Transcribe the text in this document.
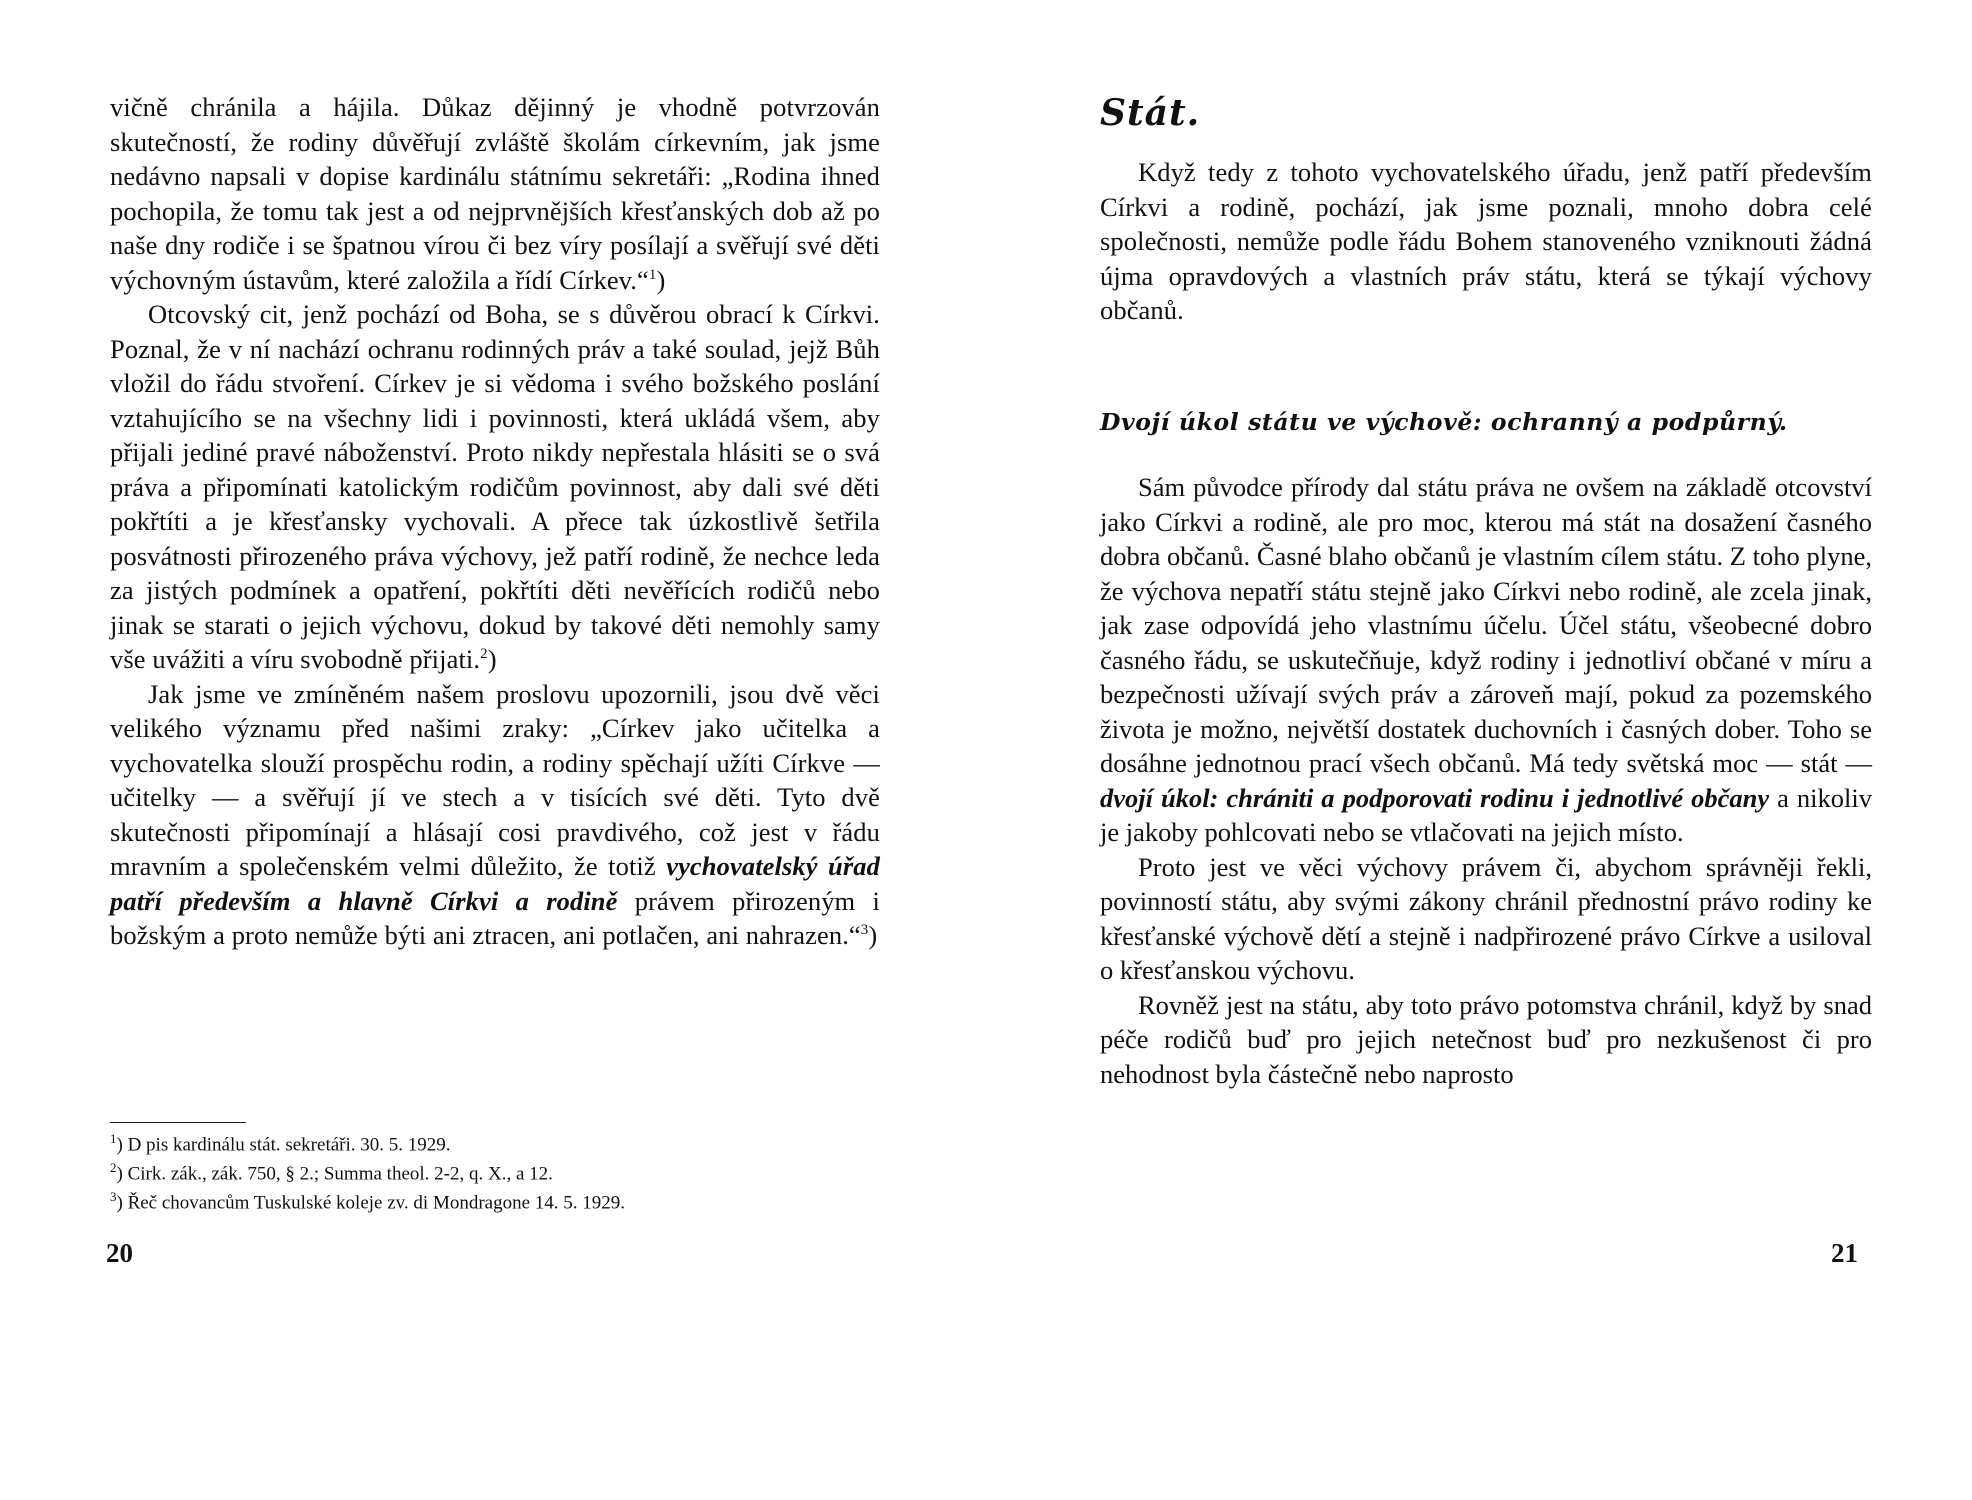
vičně chránila a hájila. Důkaz dějinný je vhodně potvrzován skutečností, že rodiny důvěřují zvláště školám církevním, jak jsme nedávno napsali v dopise kardinálu státnímu sekretáři: „Rodina ihned pochopila, že tomu tak jest a od nejprvnějších křesťanských dob až po naše dny rodiče i se špatnou vírou či bez víry posílají a svěřují své děti výchovným ústavům, které založila a řídí Církev.“$^1$)

Otcovský cit, jenž pochází od Boha, se s důvěrou obrací k Církvi. Poznal, že v ní nachází ochranu rodinných práv a také soulad, jejž Bůh vložil do řádu stvoření. Církev je si vědoma i svého božského poslání vztahujícího se na všechny lidi i povinnosti, která ukládá všem, aby přijali jediné pravé náboženství. Proto nikdy nepřestala hlásiti se o svá práva a připomínati katolickým rodičům povinnost, aby dali své děti pokřtíti a je křesťansky vychovali. A přece tak úzkostlivě šetřila posvátnosti přirozeného práva výchovy, jež patří rodině, že nechce leda za jistých podmínek a opatření, pokřtíti děti nevěřících rodičů nebo jinak se starati o jejich výchovu, dokud by takové děti nemohly samy vše uvážiti a víru svobodně přijati.$^2$)

Jak jsme ve zmíněném našem proslovu upozornili, jsou dvě věci velikého významu před našimi zraky: „Církev jako učitelka a vychovatelka slouží prospěchu rodin, a rodiny spěchají užíti Církve — učitelky — a svěřují jí ve stech a v tisících své děti. Tyto dvě skutečnosti připomínají a hlásají cosi pravdivého, což jest v řádu mravním a společenském velmi důležito, že totiž vychovatelský úřad patří především a hlavně Církvi a rodině právem přirozeným i božským a proto nemůže býti ani ztracen, ani potlačen, ani nahrazen.“$^3$)

$^1$) D pis kardinálu stát. sekretáři. 30. 5. 1929.
$^2$) Cirk. zák., zák. 750, § 2.; Summa theol. 2-2, q. X., a 12.
$^3$) Řeč chovancům Tuskulské koleje zv. di Mondragone 14. 5. 1929.
20
Stát.

Když tedy z tohoto vychovatelského úřadu, jenž patří především Církvi a rodině, pochází, jak jsme poznali, mnoho dobra celé společnosti, nemůže podle řádu Bohem stanoveného vzniknouti žádná újma opravdových a vlastních práv státu, která se týkají výchovy občanů.

Dvojí úkol státu ve výchově: ochranný a podpůrný.

Sám původce přírody dal státu práva ne ovšem na základě otcovství jako Církvi a rodině, ale pro moc, kterou má stát na dosažení časného dobra občanů. Časné blaho občanů je vlastním cílem státu. Z toho plyne, že výchova nepatří státu stejně jako Církvi nebo rodině, ale zcela jinak, jak zase odpovídá jeho vlastnímu účelu. Účel státu, všeobecné dobro časného řádu, se uskutečňuje, když rodiny i jednotliví občané v míru a bezpečnosti užívají svých práv a zároveň mají, pokud za pozemského života je možno, největší dostatek duchovních i časných dober. Toho se dosáhne jednotnou prací všech občanů. Má tedy světská moc — stát — dvojí úkol: chrániti a podporovati rodinu i jednotlivé občany a nikoliv je jakoby pohlcovati nebo se vtlačovati na jejich místo.

Proto jest ve věci výchovy právem či, abychom správněji řekli, povinností státu, aby svými zákony chránil přednostní právo rodiny ke křesťanské výchově dětí a stejně i nadpřirozené právo Církve a usiloval o křesťanskou výchovu.

Rovněž jest na státu, aby toto právo potomstva chránil, když by snad péče rodičů buď pro jejich netečnost buď pro nezkušenost či pro nehodnost byla částečně nebo naprosto

21
